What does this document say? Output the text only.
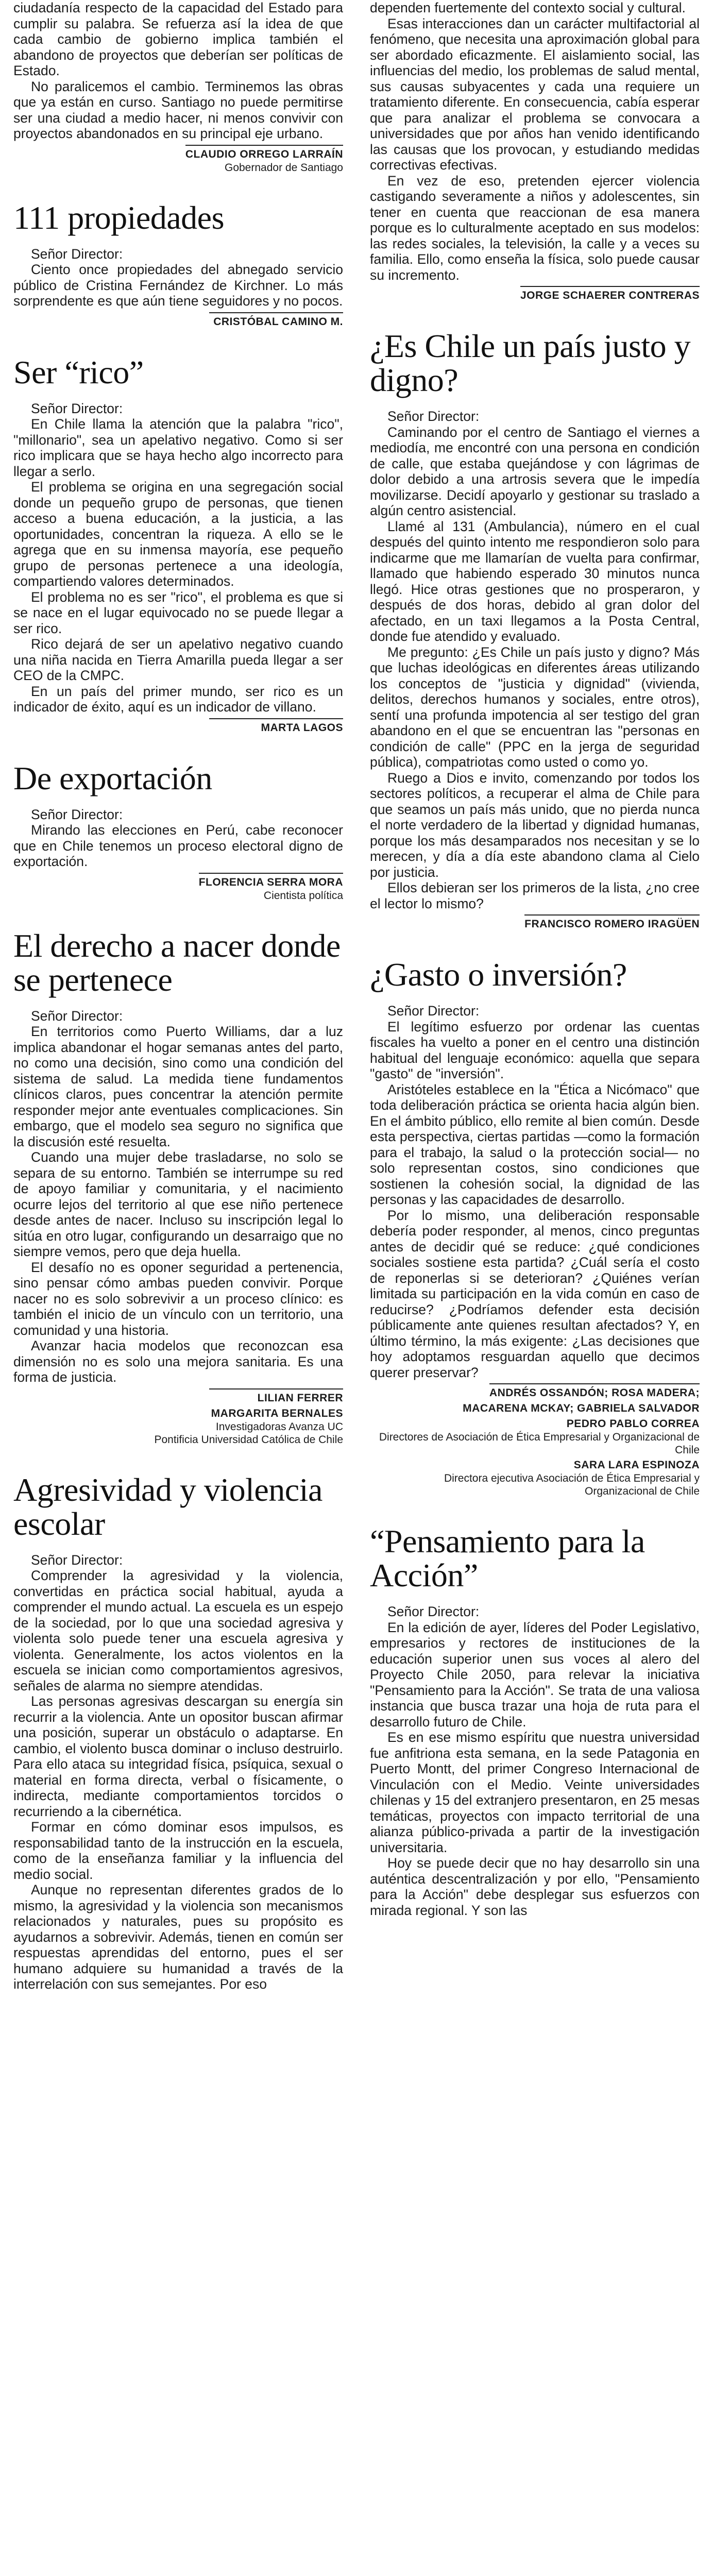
ciudadanía respecto de la capacidad del Estado para cumplir su palabra. Se refuerza así la idea de que cada cambio de gobierno implica también el abandono de proyectos que deberían ser políticas de Estado.

No paralicemos el cambio. Terminemos las obras que ya están en curso. Santiago no puede permitirse ser una ciudad a medio hacer, ni menos convivir con proyectos abandonados en su principal eje urbano.

CLAUDIO ORREGO LARRAÍN
Gobernador de Santiago
111 propiedades

Señor Director:

Ciento once propiedades del abnegado servicio público de Cristina Fernández de Kirchner. Lo más sorprendente es que aún tiene seguidores y no pocos.

CRISTÓBAL CAMINO M.
Ser “rico”

Señor Director:

En Chile llama la atención que la palabra "rico", "millonario", sea un apelativo negativo. Como si ser rico implicara que se haya hecho algo incorrecto para llegar a serlo.

El problema se origina en una segregación social donde un pequeño grupo de personas, que tienen acceso a buena educación, a la justicia, a las oportunidades, concentran la riqueza. A ello se le agrega que en su inmensa mayoría, ese pequeño grupo de personas pertenece a una ideología, compartiendo valores determinados.

El problema no es ser "rico", el problema es que si se nace en el lugar equivocado no se puede llegar a ser rico.

Rico dejará de ser un apelativo negativo cuando una niña nacida en Tierra Amarilla pueda llegar a ser CEO de la CMPC.

En un país del primer mundo, ser rico es un indicador de éxito, aquí es un indicador de villano.

MARTA LAGOS
De exportación

Señor Director:

Mirando las elecciones en Perú, cabe reconocer que en Chile tenemos un proceso electoral digno de exportación.

FLORENCIA SERRA MORA
Cientista política
El derecho a nacer donde se pertenece

Señor Director:

En territorios como Puerto Williams, dar a luz implica abandonar el hogar semanas antes del parto, no como una decisión, sino como una condición del sistema de salud. La medida tiene fundamentos clínicos claros, pues concentrar la atención permite responder mejor ante eventuales complicaciones. Sin embargo, que el modelo sea seguro no significa que la discusión esté resuelta.

Cuando una mujer debe trasladarse, no solo se separa de su entorno. También se interrumpe su red de apoyo familiar y comunitaria, y el nacimiento ocurre lejos del territorio al que ese niño pertenece desde antes de nacer. Incluso su inscripción legal lo sitúa en otro lugar, configurando un desarraigo que no siempre vemos, pero que deja huella.

El desafío no es oponer seguridad a pertenencia, sino pensar cómo ambas pueden convivir. Porque nacer no es solo sobrevivir a un proceso clínico: es también el inicio de un vínculo con un territorio, una comunidad y una historia.

Avanzar hacia modelos que reconozcan esa dimensión no es solo una mejora sanitaria. Es una forma de justicia.

LILIAN FERRER
MARGARITA BERNALES
Investigadoras Avanza UC
Pontificia Universidad Católica de Chile
Agresividad y violencia escolar

Señor Director:

Comprender la agresividad y la violencia, convertidas en práctica social habitual, ayuda a comprender el mundo actual. La escuela es un espejo de la sociedad, por lo que una sociedad agresiva y violenta solo puede tener una escuela agresiva y violenta. Generalmente, los actos violentos en la escuela se inician como comportamientos agresivos, señales de alarma no siempre atendidas.

Las personas agresivas descargan su energía sin recurrir a la violencia. Ante un opositor buscan afirmar una posición, superar un obstáculo o adaptarse. En cambio, el violento busca dominar o incluso destruirlo. Para ello ataca su integridad física, psíquica, sexual o material en forma directa, verbal o físicamente, o indirecta, mediante comportamientos torcidos o recurriendo a la cibernética.

Formar en cómo dominar esos impulsos, es responsabilidad tanto de la instrucción en la escuela, como de la enseñanza familiar y la influencia del medio social.

Aunque no representan diferentes grados de lo mismo, la agresividad y la violencia son mecanismos relacionados y naturales, pues su propósito es ayudarnos a sobrevivir. Además, tienen en común ser respuestas aprendidas del entorno, pues el ser humano adquiere su humanidad a través de la interrelación con sus semejantes. Por eso

dependen fuertemente del contexto social y cultural.

Esas interacciones dan un carácter multifactorial al fenómeno, que necesita una aproximación global para ser abordado eficazmente. El aislamiento social, las influencias del medio, los problemas de salud mental, sus causas subyacentes y cada una requiere un tratamiento diferente. En consecuencia, cabía esperar que para analizar el problema se convocara a universidades que por años han venido identificando las causas que los provocan, y estudiando medidas correctivas efectivas.

En vez de eso, pretenden ejercer violencia castigando severamente a niños y adolescentes, sin tener en cuenta que reaccionan de esa manera porque es lo culturalmente aceptado en sus modelos: las redes sociales, la televisión, la calle y a veces su familia. Ello, como enseña la física, solo puede causar su incremento.

JORGE SCHAERER CONTRERAS
¿Es Chile un país justo y digno?

Señor Director:

Caminando por el centro de Santiago el viernes a mediodía, me encontré con una persona en condición de calle, que estaba quejándose y con lágrimas de dolor debido a una artrosis severa que le impedía movilizarse. Decidí apoyarlo y gestionar su traslado a algún centro asistencial.

Llamé al 131 (Ambulancia), número en el cual después del quinto intento me respondieron solo para indicarme que me llamarían de vuelta para confirmar, llamado que habiendo esperado 30 minutos nunca llegó. Hice otras gestiones que no prosperaron, y después de dos horas, debido al gran dolor del afectado, en un taxi llegamos a la Posta Central, donde fue atendido y evaluado.

Me pregunto: ¿Es Chile un país justo y digno? Más que luchas ideológicas en diferentes áreas utilizando los conceptos de "justicia y dignidad" (vivienda, delitos, derechos humanos y sociales, entre otros), sentí una profunda impotencia al ser testigo del gran abandono en el que se encuentran las "personas en condición de calle" (PPC en la jerga de seguridad pública), compatriotas como usted o como yo.

Ruego a Dios e invito, comenzando por todos los sectores políticos, a recuperar el alma de Chile para que seamos un país más unido, que no pierda nunca el norte verdadero de la libertad y dignidad humanas, porque los más desamparados nos necesitan y se lo merecen, y día a día este abandono clama al Cielo por justicia.

Ellos debieran ser los primeros de la lista, ¿no cree el lector lo mismo?

FRANCISCO ROMERO IRAGÜEN
¿Gasto o inversión?

Señor Director:

El legítimo esfuerzo por ordenar las cuentas fiscales ha vuelto a poner en el centro una distinción habitual del lenguaje económico: aquella que separa "gasto" de "inversión".

Aristóteles establece en la "Ética a Nicómaco" que toda deliberación práctica se orienta hacia algún bien. En el ámbito público, ello remite al bien común. Desde esta perspectiva, ciertas partidas —como la formación para el trabajo, la salud o la protección social— no solo representan costos, sino condiciones que sostienen la cohesión social, la dignidad de las personas y las capacidades de desarrollo.

Por lo mismo, una deliberación responsable debería poder responder, al menos, cinco preguntas antes de decidir qué se reduce: ¿qué condiciones sociales sostiene esta partida? ¿Cuál sería el costo de reponerlas si se deterioran? ¿Quiénes verían limitada su participación en la vida común en caso de reducirse? ¿Podríamos defender esta decisión públicamente ante quienes resultan afectados? Y, en último término, la más exigente: ¿Las decisiones que hoy adoptamos resguardan aquello que decimos querer preservar?

ANDRÉS OSSANDÓN; ROSA MADERA;
MACARENA MCKAY; GABRIELA SALVADOR
PEDRO PABLO CORREA
Directores de Asociación de Ética Empresarial y Organizacional de Chile
SARA LARA ESPINOZA
Directora ejecutiva Asociación de Ética Empresarial y Organizacional de Chile
“Pensamiento para la Acción”

Señor Director:

En la edición de ayer, líderes del Poder Legislativo, empresarios y rectores de instituciones de la educación superior unen sus voces al alero del Proyecto Chile 2050, para relevar la iniciativa "Pensamiento para la Acción". Se trata de una valiosa instancia que busca trazar una hoja de ruta para el desarrollo futuro de Chile.

Es en ese mismo espíritu que nuestra universidad fue anfitriona esta semana, en la sede Patagonia en Puerto Montt, del primer Congreso Internacional de Vinculación con el Medio. Veinte universidades chilenas y 15 del extranjero presentaron, en 25 mesas temáticas, proyectos con impacto territorial de una alianza público-privada a partir de la investigación universitaria.

Hoy se puede decir que no hay desarrollo sin una auténtica descentralización y por ello, "Pensamiento para la Acción" debe desplegar sus esfuerzos con mirada regional. Y son las
